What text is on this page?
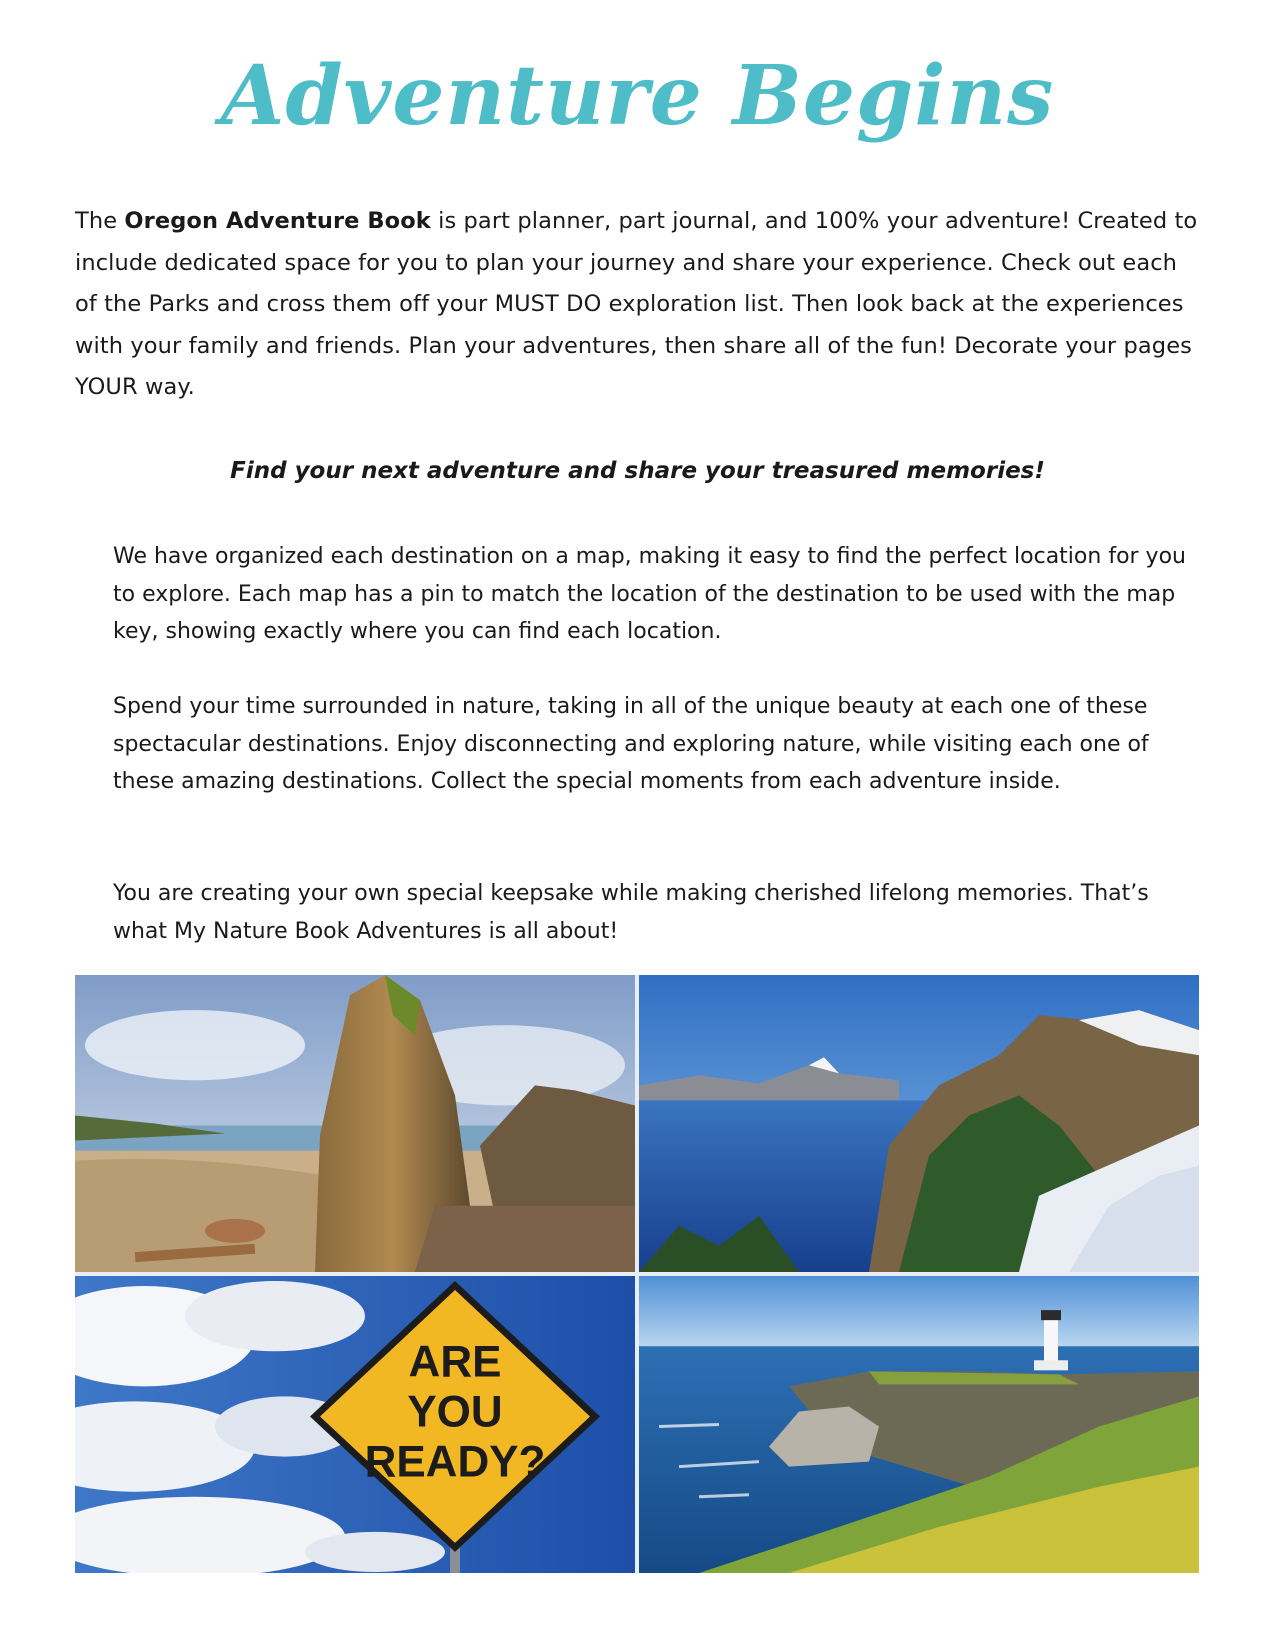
Adventure Begins
The Oregon Adventure Book is part planner, part journal, and 100% your adventure! Created to include dedicated space for you to plan your journey and share your experience. Check out each of the Parks and cross them off your MUST DO exploration list. Then look back at the experiences with your family and friends. Plan your adventures, then share all of the fun! Decorate your pages YOUR way.
Find your next adventure and share your treasured memories!
We have organized each destination on a map, making it easy to find the perfect location for you to explore. Each map has a pin to match the location of the destination to be used with the map key, showing exactly where you can find each location.
Spend your time surrounded in nature, taking in all of the unique beauty at each one of these spectacular destinations. Enjoy disconnecting and exploring nature, while visiting each one of these amazing destinations. Collect the special moments from each adventure inside.
You are creating your own special keepsake while making cherished lifelong memories. That’s what My Nature Book Adventures is all about!
ARE
YOU
READY?
